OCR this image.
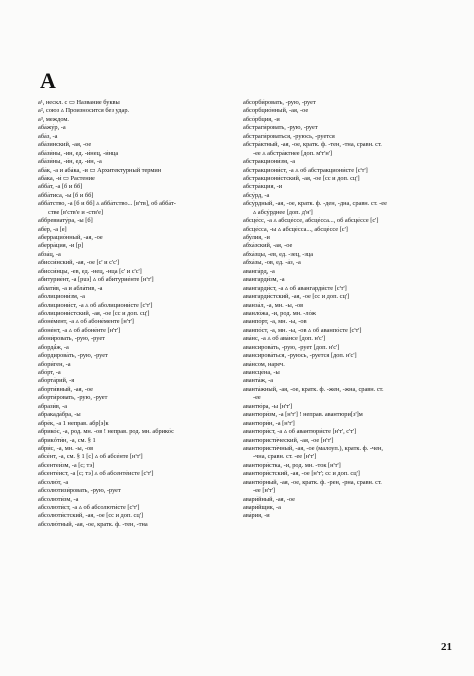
А
а¹, нескл. с ▭ Название буквы
а², союз ▵ Произносится без удар.
а³, междом.
аба́жу́р, -а
аба́з, -а
аба́зинский, -ая, -ое
аба́зи́ны, -ин, ед. -и́нец, -и́нца
аба́зи́ны, -и́н, ед. -и́н, -а
аба́к, -а и аба́ка, -и ▭ Архитектурный термин
аба́ка, -и́ ▭ Растение
абба́т, -а [б и бб]
абба́тиса, -ы [б и бб]
абба́тство, -а [б и бб] ▵ абба́тство... [в'тв], об абба́т-
стве [в'ств'е и -ств'е]
аббревиату́ра, -ы [б]
абе́р, -а [е]
аберрацио́нный, -ая, -ое
аберра́ция, -и [р]
абза́ц, -а
абисси́нский, -ая, -ое [с' и с'с']
абисси́нцы, -ев, ед. -нец, -нца [с' и с'с']
абитурие́нт, -а [рuэ] ▵ об абитурие́нте [н'т']
аблати́в, -а и абла́тив, -а
аболициони́зм, -а
аболициони́ст, -а ▵ об аболициони́сте [с'т']
аболициони́стский, -ая, -ое [сс и доп. сц']
абоне́мент, -а ▵ об абоне́менте [н'т']
абоне́нт, -а ▵ об абоне́нте [н'т']
абони́ровать, -рую, -рует
абордá́ж, -а
абордирова́ть, -рую, -рует
абори́ген, -а
або́рт, -а
аборта́рий, -я
аборти́вный, -ая, -ое
аборти́ровать, -рую, -рует
абрази́в, -а
абракада́бра, -ы
абре́к, -а 1 неправ. абр[э]к
абрико́с, -а, род. мн. -ов ! неправ. род. мн. абрико́с
абрикóти́н, -а, см. § 1
абри́с, -а, мн. -ы, -ов
абсе́нт, -а, см. § 1 [с] ▵ об абсе́нте [н'т']
абсентеи́зм, -а [с; тэ]
абсенте́ист, -а [с; тэ] ▵ об абсенте́исте [с'т']
абсолю́т, -а
абсолютизи́ровать, -рую, -рует
абсолюти́зм, -а
абсолюти́ст, -а ▵ об абсолюти́сте [с'т']
абсолюти́стский, -ая, -ое [сс и доп. сц']
абсолю́тный, -ая, -ое, кратк. ф. -тен, -тна
абсорби́ровать, -рую, -рует
абсорбцио́нный, -ая, -ое
абсо́рбция, -и
абстраги́ровать, -рую, -рует
абстраги́роваться, -руюсь, -руется
абстра́ктный, -ая, -ое, кратк. ф. -тен, -тна, сравн. ст.
-ее ▵ абстра́ктнее [доп. м'т'н']
абстракциони́зм, -а
абстракциони́ст, -а ▵ об абстракциони́сте [с'т']
абстракциони́стский, -ая, -ое [сс и доп. сц']
абстра́кция, -и
абсу́рд, -а
абсу́рдный, -ая, -ое, кратк. ф. -ден, -дна, сравн. ст. -ее
▵ абсу́рднее [доп. д'н']
абсце́сс, -а ▵ абсце́ссе, абсце́сса..., об абсце́ссе [с']
абсце́сса, -ы ▵ абсце́сса..., абсце́ссе [с']
абу́лия, -и
абха́зский, -ая, -ое
абха́зцы, -ев, ед. -зец, -зца
абха́зы, -ов, ед. -а́з, -а
аванга́рд, -а
авангарди́зм, -а
авангарди́ст, -а ▵ об авангарди́сте [с'т']
авангарди́стский, -ая, -ое [сс и доп. сц']
аванза́л, -а, мн. -ы, -ов
аванло́жа, -и, род. мн. -ло́ж
аванпо́рт, -а, мн. -ы, -ов
аванпо́ст, -а, мн. -ы, -ов ▵ об аванпо́сте [с'т']
ава́нс, -а ▵ об ава́нсе [доп. н'с']
авансирова́ть, -рую, -рует [доп. н'с']
авансирова́ться, -руюсь, -руется [доп. н'с']
ава́нсом, нареч.
авансце́на, -ы
аванта́ж, -а
аванта́жный, -ая, -ое, кратк. ф. -жен, -жна, сравн. ст.
-ее
авантю́ра, -ы [н'т']
авантюри́зм, -а [н'т'] ! неправ. авантюри[з']м
авантюри́н, -а [н'т']
авантюри́ст, -а ▵ об авантюри́сте [н'т', с'т']
авантюристи́ческий, -ая, -ое [н'т']
авантюристи́чный, -ая, -ое (малоуп.), кратк. ф. -чен,
-чна, сравн. ст. -ее [н'т']
авантюри́стка, -и, род. мн. -ток [н'т']
авантюри́стский, -ая, -ое [н'т'; сс и доп. сц']
авантю́рный, -ая, -ое, кратк. ф. -рен, -рна, сравн. ст.
-ее [н'т']
авари́йный, -ая, -ое
авари́йщик, -а
ава́рия, -и
21
